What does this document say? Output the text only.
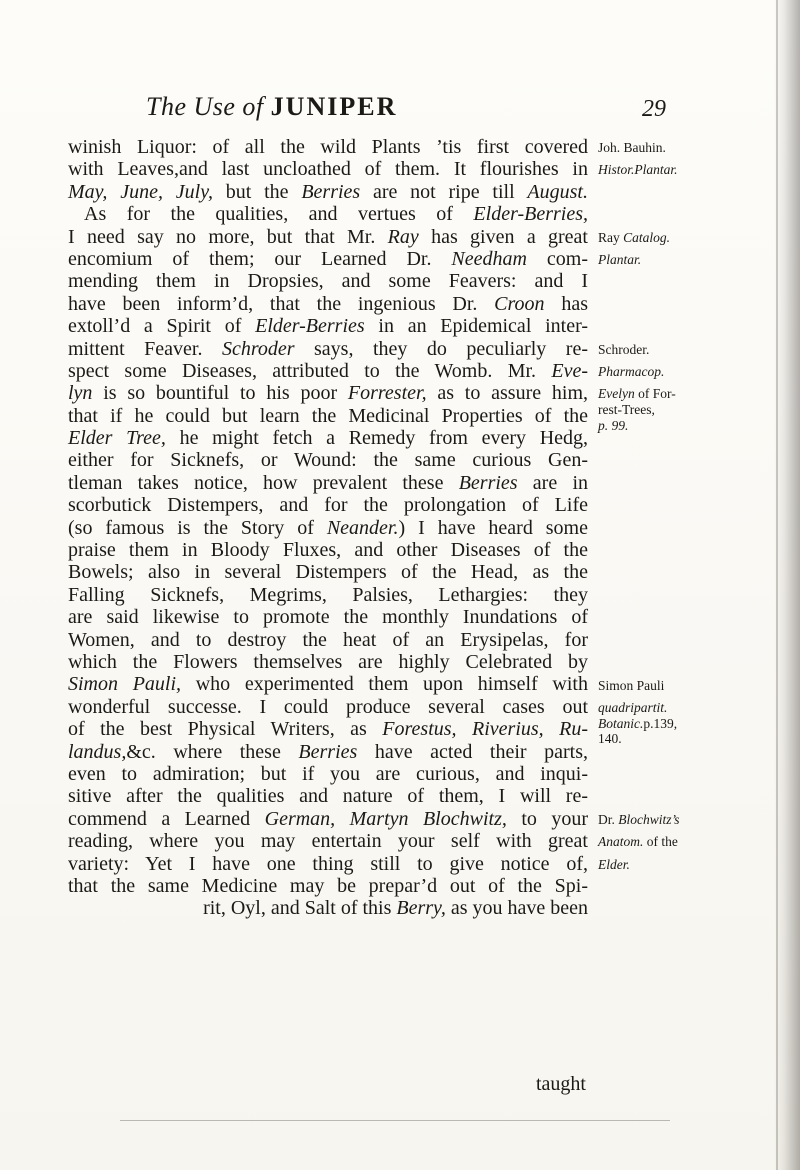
The Use of JUNIPER	29
winish Liquor: of all the wild Plants ’tis first covered
with Leaves,and last uncloathed of them. It flourishes in
May, June, July, but the Berries are not ripe till August.
As for the qualities, and vertues of Elder-Berries,
I need say no more, but that Mr. Ray has given a great
encomium of them; our Learned Dr. Needham com-
mending them in Dropsies, and some Feavers: and I
have been inform’d, that the ingenious Dr. Croon has
extoll’d a Spirit of Elder-Berries in an Epidemical inter-
mittent Feaver. Schroder says, they do peculiarly re-
spect some Diseases, attributed to the Womb. Mr. Eve-
lyn is so bountiful to his poor Forrester, as to assure him,
that if he could but learn the Medicinal Properties of the
Elder Tree, he might fetch a Remedy from every Hedg,
either for Sicknefs, or Wound: the same curious Gen-
tleman takes notice, how prevalent these Berries are in
scorbutick Distempers, and for the prolongation of Life
(so famous is the Story of Neander.) I have heard some
praise them in Bloody Fluxes, and other Diseases of the
Bowels; also in several Distempers of the Head, as the
Falling Sicknefs, Megrims, Palsies, Lethargies: they
are said likewise to promote the monthly Inundations of
Women, and to destroy the heat of an Erysipelas, for
which the Flowers themselves are highly Celebrated by
Simon Pauli, who experimented them upon himself with
wonderful successe. I could produce several cases out
of the best Physical Writers, as Forestus, Riverius, Ru-
landus,&c. where these Berries have acted their parts,
even to admiration; but if you are curious, and inqui-
sitive after the qualities and nature of them, I will re-
commend a Learned German, Martyn Blochwitz, to your
reading, where you may entertain your self with great
variety: Yet I have one thing still to give notice of,
that the same Medicine may be prepar’d out of the Spi-
rit, Oyl, and Salt of this Berry, as you have been
Joh. Bauhin.
Histor.Plantar.
Ray Catalog.
Plantar.
Schroder.
Pharmacop.
Evelyn of For-
rest-Trees,
p. 99.
Simon Pauli
quadripartit.
Botanic.p.139,
140.
Dr. Blochwitz’s
Anatom. of the
Elder.
taught
